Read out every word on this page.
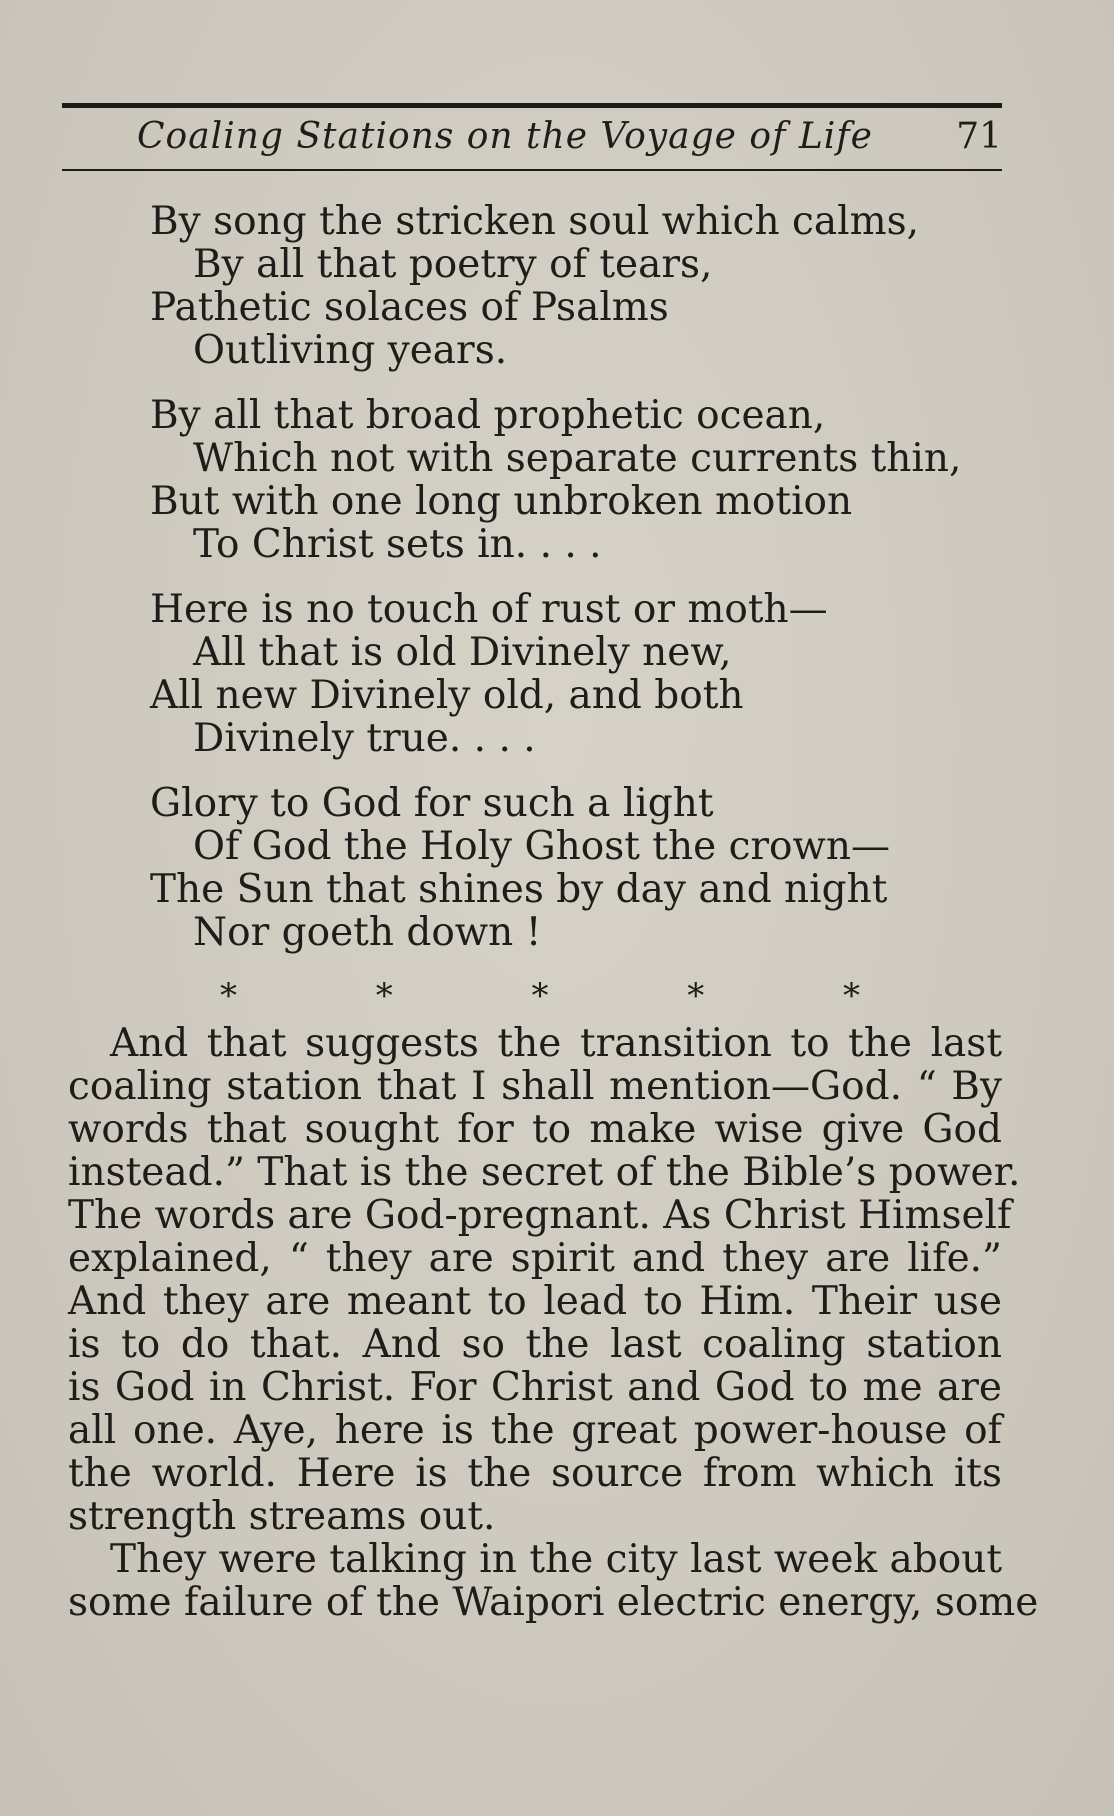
Coaling Stations on the Voyage of Life 71
By song the stricken soul which calms,
By all that poetry of tears,
Pathetic solaces of Psalms
Outliving years.
By all that broad prophetic ocean,
Which not with separate currents thin,
But with one long unbroken motion
To Christ sets in. . . .
Here is no touch of rust or moth—
All that is old Divinely new,
All new Divinely old, and both
Divinely true. . . .
Glory to God for such a light
Of God the Holy Ghost the crown—
The Sun that shines by day and night
Nor goeth down !
*	*	*	*	*
And that suggests the transition to the last
coaling station that I shall mention—God. “ By
words that sought for to make wise give God
instead.” That is the secret of the Bible’s power.
The words are God-pregnant. As Christ Himself
explained, “ they are spirit and they are life.”
And they are meant to lead to Him. Their use
is to do that. And so the last coaling station
is God in Christ. For Christ and God to me are
all one. Aye, here is the great power-house of
the world. Here is the source from which its
strength streams out.
They were talking in the city last week about
some failure of the Waipori electric energy, some
